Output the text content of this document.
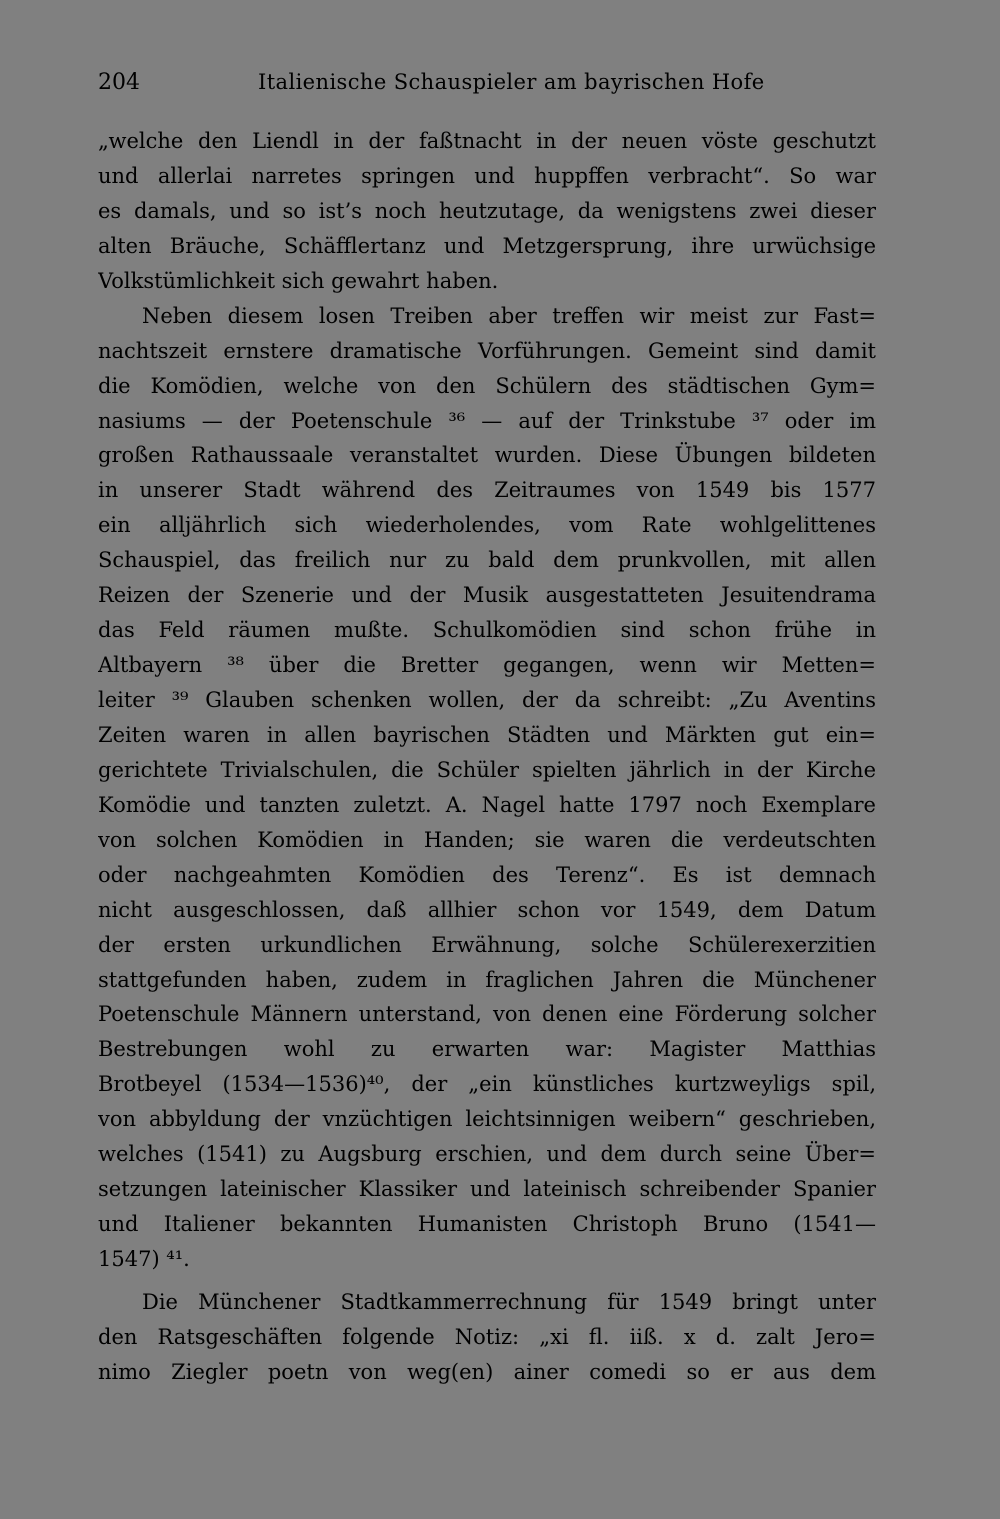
204	Italienische Schauspieler am bayrischen Hofe
„welche den Liendl in der faßtnacht in der neuen vöste geschutzt
und allerlai narretes springen und huppffen verbracht“. So war
es damals, und so ist’s noch heutzutage, da wenigstens zwei dieser
alten Bräuche, Schäfflertanz und Metzgersprung, ihre urwüchsige
Volkstümlichkeit sich gewahrt haben.
Neben diesem losen Treiben aber treffen wir meist zur Fast=
nachtszeit ernstere dramatische Vorführungen. Gemeint sind damit
die Komödien, welche von den Schülern des städtischen Gym=
nasiums — der Poetenschule ³⁶ — auf der Trinkstube ³⁷ oder im
großen Rathaussaale veranstaltet wurden. Diese Übungen bildeten
in unserer Stadt während des Zeitraumes von 1549 bis 1577
ein alljährlich sich wiederholendes, vom Rate wohlgelittenes
Schauspiel, das freilich nur zu bald dem prunkvollen, mit allen
Reizen der Szenerie und der Musik ausgestatteten Jesuitendrama
das Feld räumen mußte. Schulkomödien sind schon frühe in
Altbayern ³⁸ über die Bretter gegangen, wenn wir Metten=
leiter ³⁹ Glauben schenken wollen, der da schreibt: „Zu Aventins
Zeiten waren in allen bayrischen Städten und Märkten gut ein=
gerichtete Trivialschulen, die Schüler spielten jährlich in der Kirche
Komödie und tanzten zuletzt. A. Nagel hatte 1797 noch Exemplare
von solchen Komödien in Handen; sie waren die verdeutschten
oder nachgeahmten Komödien des Terenz“. Es ist demnach
nicht ausgeschlossen, daß allhier schon vor 1549, dem Datum
der ersten urkundlichen Erwähnung, solche Schülerexerzitien
stattgefunden haben, zudem in fraglichen Jahren die Münchener
Poetenschule Männern unterstand, von denen eine Förderung solcher
Bestrebungen wohl zu erwarten war: Magister Matthias
Brotbeyel (1534—1536)⁴⁰, der „ein künstliches kurtzweyligs spil,
von abbyldung der vnzüchtigen leichtsinnigen weibern“ geschrieben,
welches (1541) zu Augsburg erschien, und dem durch seine Über=
setzungen lateinischer Klassiker und lateinisch schreibender Spanier
und Italiener bekannten Humanisten Christoph Bruno (1541—
1547) ⁴¹.
Die Münchener Stadtkammerrechnung für 1549 bringt unter
den Ratsgeschäften folgende Notiz: „xi fl. iiß. x d. zalt Jero=
nimo Ziegler poetn von weg(en) ainer comedi so er aus dem
